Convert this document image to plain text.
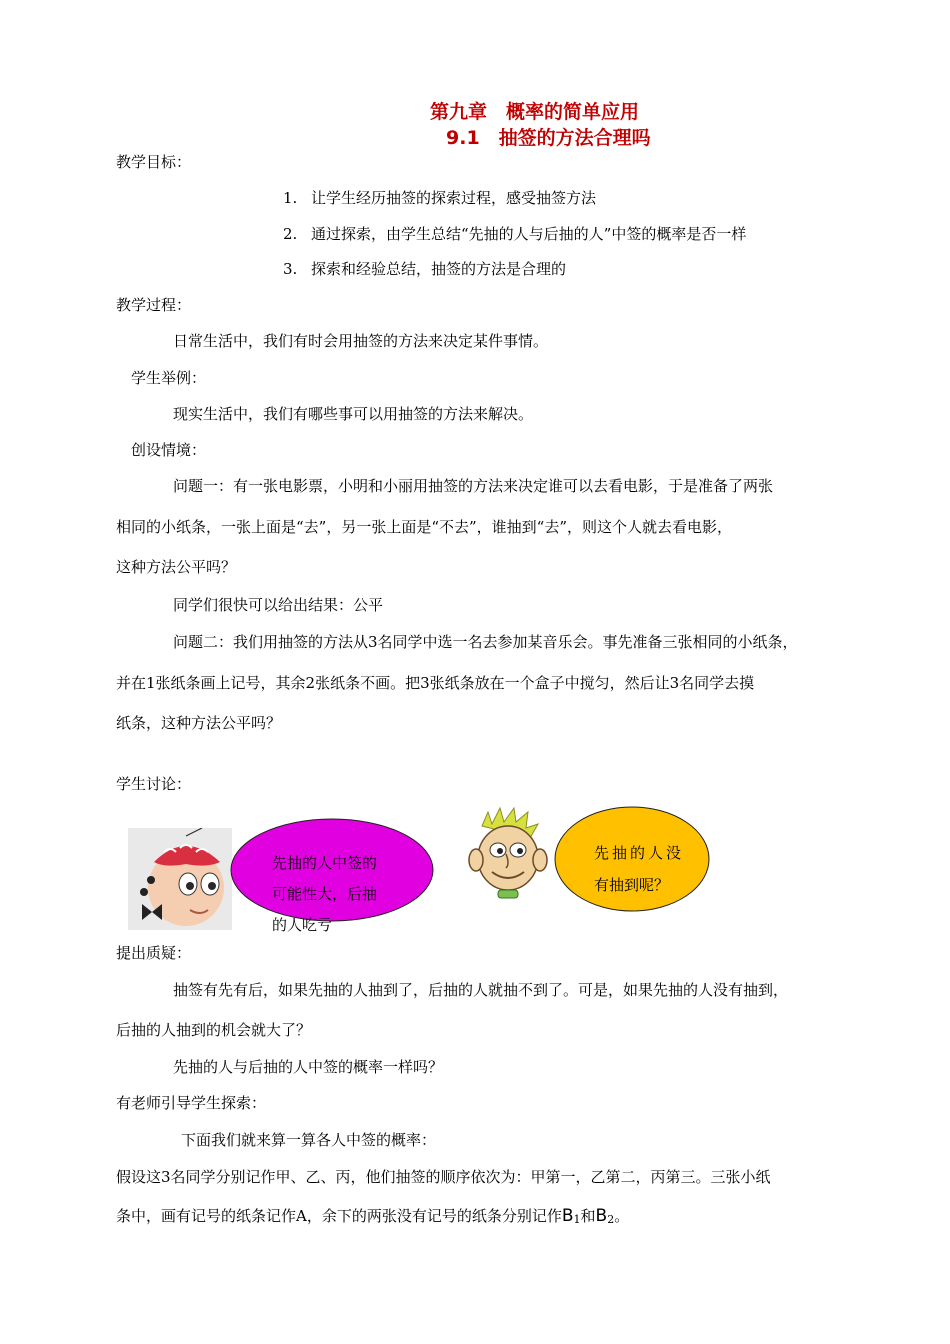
第九章　概率的简单应用
9.1　抽签的方法合理吗
教学目标：
1. 让学生经历抽签的探索过程，感受抽签方法
2. 通过探索，由学生总结“先抽的人与后抽的人”中签的概率是否一样
3. 探索和经验总结，抽签的方法是合理的
教学过程：
日常生活中，我们有时会用抽签的方法来决定某件事情。
学生举例：
现实生活中，我们有哪些事可以用抽签的方法来解决。
创设情境：
问题一：有一张电影票，小明和小丽用抽签的方法来决定谁可以去看电影，于是准备了两张
相同的小纸条，一张上面是“去”，另一张上面是“不去”，谁抽到“去”，则这个人就去看电影，
这种方法公平吗？
同学们很快可以给出结果：公平
问题二：我们用抽签的方法从3名同学中选一名去参加某音乐会。事先准备三张相同的小纸条，
并在1张纸条画上记号，其余2张纸条不画。把3张纸条放在一个盒子中搅匀，然后让3名同学去摸
纸条，这种方法公平吗？
学生讨论：
先抽的人中签的
可能性大，后抽
的人吃亏
先抽的人没
有抽到呢？
提出质疑：
抽签有先有后，如果先抽的人抽到了，后抽的人就抽不到了。可是，如果先抽的人没有抽到，
后抽的人抽到的机会就大了？
先抽的人与后抽的人中签的概率一样吗？
有老师引导学生探索：
下面我们就来算一算各人中签的概率：
假设这3名同学分别记作甲、乙、丙，他们抽签的顺序依次为：甲第一，乙第二，丙第三。三张小纸
条中，画有记号的纸条记作A，余下的两张没有记号的纸条分别记作B1和B2。
